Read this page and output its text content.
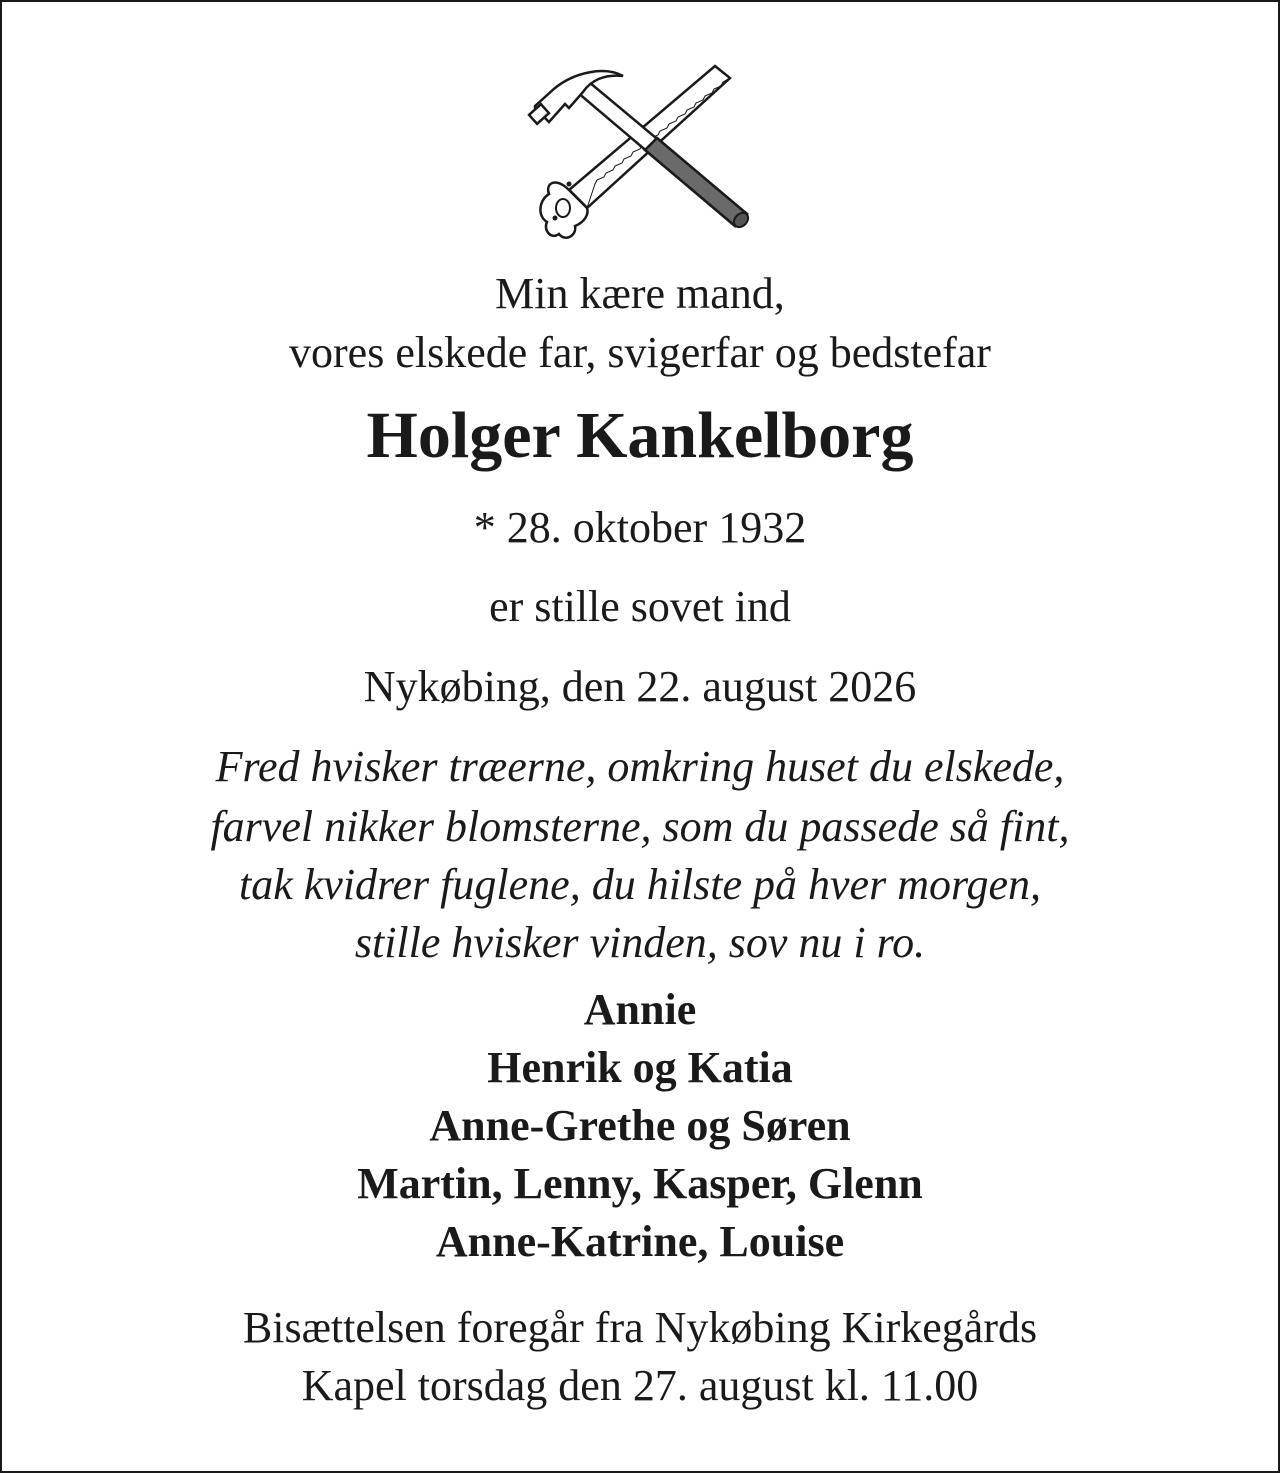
Min kære mand,
vores elskede far, svigerfar og bedstefar
Holger Kankelborg
* 28. oktober 1932
er stille sovet ind
Nykøbing, den 22. august 2026
Fred hvisker træerne, omkring huset du elskede,
farvel nikker blomsterne, som du passede så fint,
tak kvidrer fuglene, du hilste på hver morgen,
stille hvisker vinden, sov nu i ro.
Annie
Henrik og Katia
Anne-Grethe og Søren
Martin, Lenny, Kasper, Glenn
Anne-Katrine, Louise
Bisættelsen foregår fra Nykøbing Kirkegårds
Kapel torsdag den 27. august kl. 11.00
